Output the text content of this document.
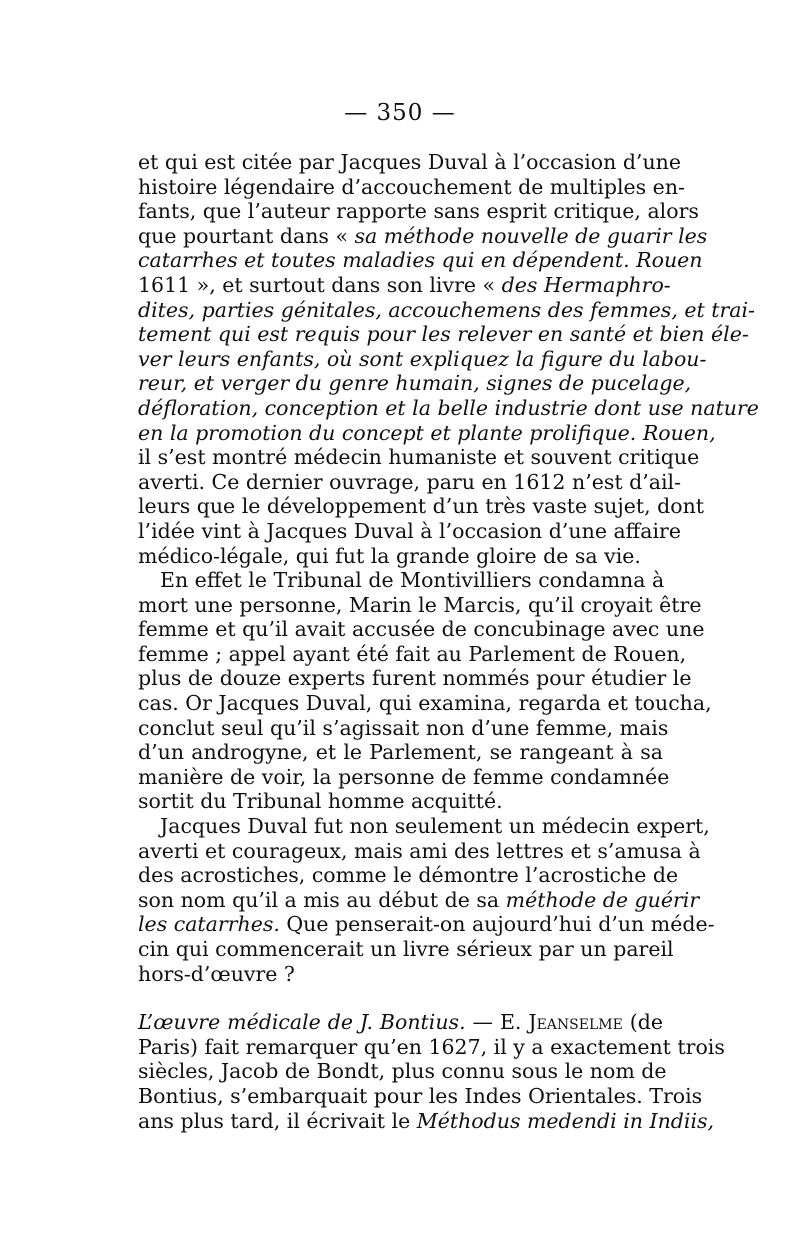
— 350 —
et qui est citée par Jacques Duval à l’occasion d’une
histoire légendaire d’accouchement de multiples en-
fants, que l’auteur rapporte sans esprit critique, alors
que pourtant dans « sa méthode nouvelle de guarir les
catarrhes et toutes maladies qui en dépendent. Rouen
1611 », et surtout dans son livre « des Hermaphro-
dites, parties génitales, accouchemens des femmes, et trai-
tement qui est requis pour les relever en santé et bien éle-
ver leurs enfants, où sont expliquez la figure du labou-
reur, et verger du genre humain, signes de pucelage,
défloration, conception et la belle industrie dont use nature
en la promotion du concept et plante prolifique. Rouen,
il s’est montré médecin humaniste et souvent critique
averti. Ce dernier ouvrage, paru en 1612 n’est d’ail-
leurs que le développement d’un très vaste sujet, dont
l’idée vint à Jacques Duval à l’occasion d’une affaire
médico-légale, qui fut la grande gloire de sa vie.
En effet le Tribunal de Montivilliers condamna à
mort une personne, Marin le Marcis, qu’il croyait être
femme et qu’il avait accusée de concubinage avec une
femme ; appel ayant été fait au Parlement de Rouen,
plus de douze experts furent nommés pour étudier le
cas. Or Jacques Duval, qui examina, regarda et toucha,
conclut seul qu’il s’agissait non d’une femme, mais
d’un androgyne, et le Parlement, se rangeant à sa
manière de voir, la personne de femme condamnée
sortit du Tribunal homme acquitté.
Jacques Duval fut non seulement un médecin expert,
averti et courageux, mais ami des lettres et s’amusa à
des acrostiches, comme le démontre l’acrostiche de
son nom qu’il a mis au début de sa méthode de guérir
les catarrhes. Que penserait-on aujourd’hui d’un méde-
cin qui commencerait un livre sérieux par un pareil
hors-d’œuvre ?
L’œuvre médicale de J. Bontius. — E. Jeanselme (de
Paris) fait remarquer qu’en 1627, il y a exactement trois
siècles, Jacob de Bondt, plus connu sous le nom de
Bontius, s’embarquait pour les Indes Orientales. Trois
ans plus tard, il écrivait le Méthodus medendi in Indiis,
